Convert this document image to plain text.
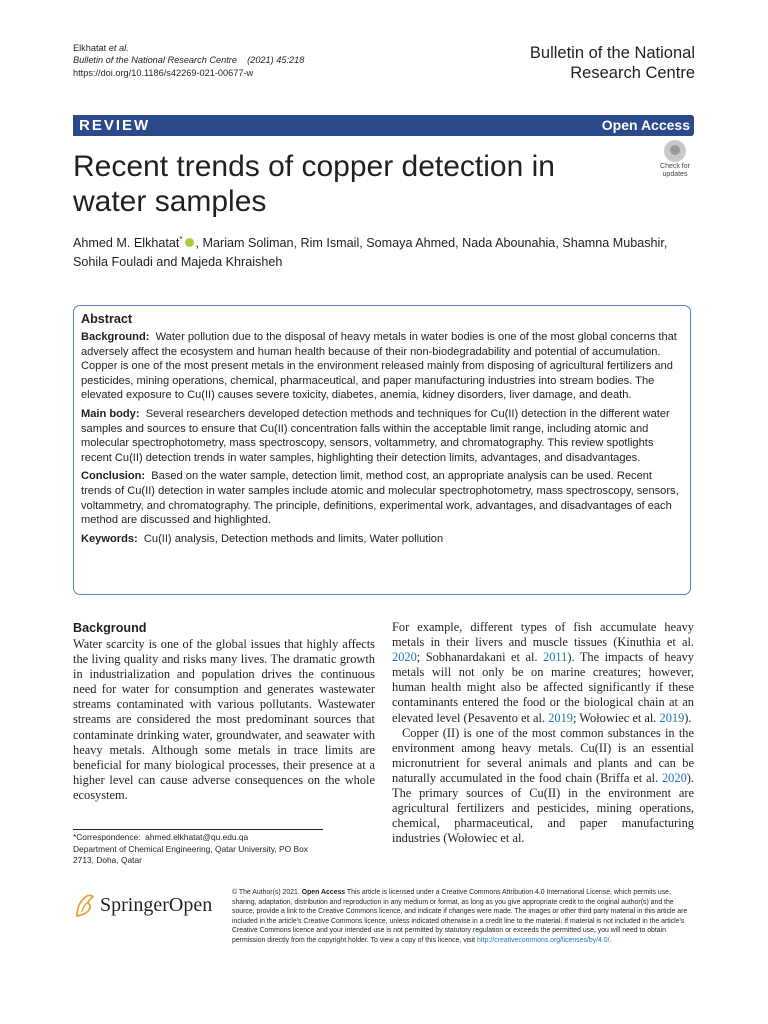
Elkhatat et al.
Bulletin of the National Research Centre (2021) 45:218
https://doi.org/10.1186/s42269-021-00677-w
Bulletin of the National
Research Centre
REVIEW	Open Access
Recent trends of copper detection in water samples
Check for
updates
Ahmed M. Elkhatat* , Mariam Soliman, Rim Ismail, Somaya Ahmed, Nada Abounahia, Shamna Mubashir, Sohila Fouladi and Majeda Khraisheh
Abstract

Background: Water pollution due to the disposal of heavy metals in water bodies is one of the most global concerns that adversely affect the ecosystem and human health because of their non-biodegradability and potential of accumulation. Copper is one of the most present metals in the environment released mainly from disposing of agricultural fertilizers and pesticides, mining operations, chemical, pharmaceutical, and paper manufacturing industries into stream bodies. The elevated exposure to Cu(II) causes severe toxicity, diabetes, anemia, kidney disorders, liver damage, and death.

Main body: Several researchers developed detection methods and techniques for Cu(II) detection in the different water samples and sources to ensure that Cu(II) concentration falls within the acceptable limit range, including atomic and molecular spectrophotometry, mass spectroscopy, sensors, voltammetry, and chromatography. This review spotlights recent Cu(II) detection trends in water samples, highlighting their detection limits, advantages, and disadvantages.

Conclusion: Based on the water sample, detection limit, method cost, an appropriate analysis can be used. Recent trends of Cu(II) detection in water samples include atomic and molecular spectrophotometry, mass spectroscopy, sensors, voltammetry, and chromatography. The principle, definitions, experimental work, advantages, and disadvantages of each method are discussed and highlighted.

Keywords: Cu(II) analysis, Detection methods and limits, Water pollution

Background

Water scarcity is one of the global issues that highly affects the living quality and risks many lives. The dramatic growth in industrialization and population drives the continuous need for water for consumption and generates wastewater streams contaminated with various pollutants. Wastewater streams are considered the most predominant sources that contaminate drinking water, groundwater, and seawater with heavy metals. Although some metals in trace limits are beneficial for many biological processes, their presence at a higher level can cause adverse consequences on the whole ecosystem.

For example, different types of fish accumulate heavy metals in their livers and muscle tissues (Kinuthia et al. 2020; Sobhanardakani et al. 2011). The impacts of heavy metals will not only be on marine creatures; however, human health might also be affected significantly if these contaminants entered the food or the biological chain at an elevated level (Pesavento et al. 2019; Wołowiec et al. 2019).

Copper (II) is one of the most common substances in the environment among heavy metals. Cu(II) is an essential micronutrient for several animals and plants and can be naturally accumulated in the food chain (Briffa et al. 2020). The primary sources of Cu(II) in the environment are agricultural fertilizers and pesticides, mining operations, chemical, pharmaceutical, and paper manufacturing industries (Wołowiec et al.

*Correspondence: ahmed.elkhatat@qu.edu.qa
Department of Chemical Engineering, Qatar University, PO Box 2713, Doha, Qatar
SpringerOpen
© The Author(s) 2021. Open Access This article is licensed under a Creative Commons Attribution 4.0 International License, which permits use, sharing, adaptation, distribution and reproduction in any medium or format, as long as you give appropriate credit to the original author(s) and the source, provide a link to the Creative Commons licence, and indicate if changes were made. The images or other third party material in this article are included in the article's Creative Commons licence, unless indicated otherwise in a credit line to the material. If material is not included in the article's Creative Commons licence and your intended use is not permitted by statutory regulation or exceeds the permitted use, you will need to obtain permission directly from the copyright holder. To view a copy of this licence, visit http://creativecommons.org/licenses/by/4.0/.
